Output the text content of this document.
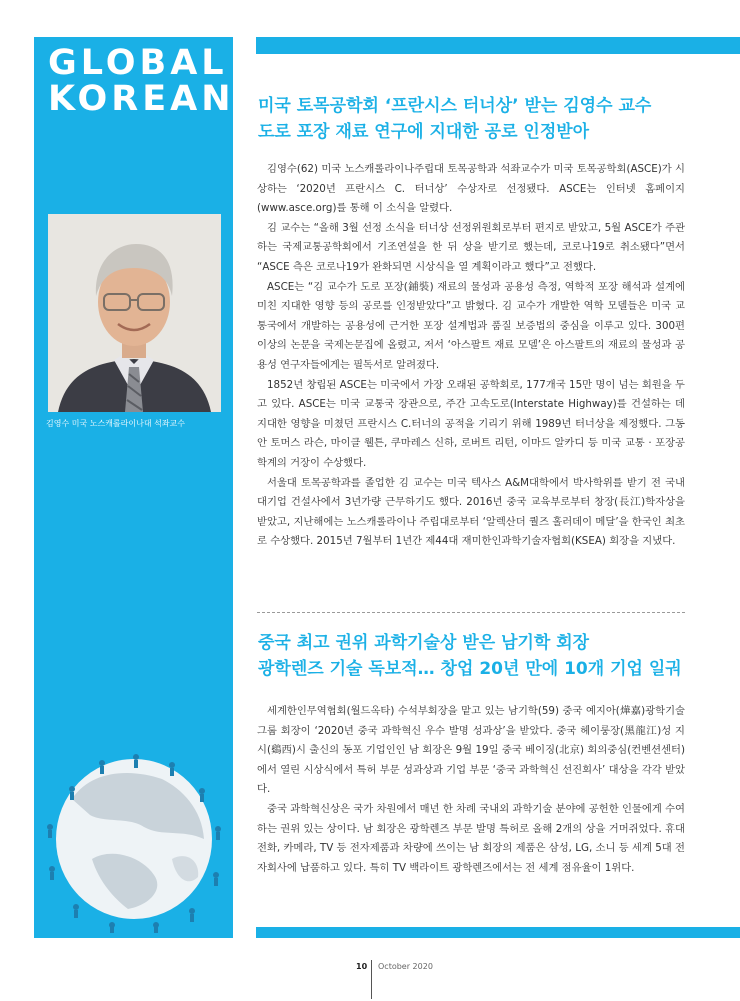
GLOBAL
KOREAN
김영수 미국 노스캐롤라이나대 석좌교수
미국 토목공학회 ‘프란시스 터너상’ 받는 김영수 교수
도로 포장 재료 연구에 지대한 공로 인정받아

김영수(62) 미국 노스캐롤라이나주립대 토목공학과 석좌교수가 미국 토목공학회(ASCE)가 시상하는 ‘2020년 프란시스 C. 터너상’ 수상자로 선정됐다. ASCE는 인터넷 홈페이지(www.asce.org)를 통해 이 소식을 알렸다.

김 교수는 “올해 3월 선정 소식을 터너상 선정위원회로부터 편지로 받았고, 5월 ASCE가 주관하는 국제교통공학회에서 기조연설을 한 뒤 상을 받기로 했는데, 코로나19로 취소됐다”면서 “ASCE 측은 코로나19가 완화되면 시상식을 열 계획이라고 했다”고 전했다.

ASCE는 “김 교수가 도로 포장(鋪裝) 재료의 물성과 공용성 측정, 역학적 포장 해석과 설계에 미친 지대한 영향 등의 공로를 인정받았다”고 밝혔다. 김 교수가 개발한 역학 모델들은 미국 교통국에서 개발하는 공용성에 근거한 포장 설계법과 품질 보증법의 중심을 이루고 있다. 300편 이상의 논문을 국제논문집에 올렸고, 저서 ‘아스팔트 재료 모델’은 아스팔트의 재료의 물성과 공용성 연구자들에게는 필독서로 알려졌다.

1852년 창립된 ASCE는 미국에서 가장 오래된 공학회로, 177개국 15만 명이 넘는 회원을 두고 있다. ASCE는 미국 교통국 장관으로, 주간 고속도로(Interstate Highway)를 건설하는 데 지대한 영향을 미쳤던 프란시스 C.터너의 공적을 기리기 위해 1989년 터너상을 제정했다. 그동안 토머스 라슨, 마이클 웰튼, 쿠마레스 신하, 로버트 리턴, 이마드 알카디 등 미국 교통 · 포장공학계의 거장이 수상했다.

서울대 토목공학과를 졸업한 김 교수는 미국 텍사스 A&M대학에서 박사학위를 받기 전 국내 대기업 건설사에서 3년가량 근무하기도 했다. 2016년 중국 교육부로부터 창장(長江)학자상을 받았고, 지난해에는 노스캐롤라이나 주립대로부터 ‘알렉산더 퀄즈 홀러데이 메달’을 한국인 최초로 수상했다. 2015년 7월부터 1년간 제44대 재미한인과학기술자협회(KSEA) 회장을 지냈다.

중국 최고 권위 과학기술상 받은 남기학 회장
광학렌즈 기술 독보적… 창업 20년 만에 10개 기업 일궈

세계한인무역협회(월드옥타) 수석부회장을 맡고 있는 남기학(59) 중국 예지아(燁嘉)광학기술그룹 회장이 ‘2020년 중국 과학혁신 우수 발명 성과상’을 받았다. 중국 헤이룽장(黑龍江)성 지시(鷄西)시 출신의 동포 기업인인 남 회장은 9월 19일 중국 베이징(北京) 회의중심(컨벤션센터)에서 열린 시상식에서 특허 부문 성과상과 기업 부문 ‘중국 과학혁신 선진회사’ 대상을 각각 받았다.

중국 과학혁신상은 국가 차원에서 매년 한 차례 국내외 과학기술 분야에 공헌한 인물에게 수여하는 권위 있는 상이다. 남 회장은 광학렌즈 부문 발명 특허로 올해 2개의 상을 거머쥐었다. 휴대전화, 카메라, TV 등 전자제품과 차량에 쓰이는 남 회장의 제품은 삼성, LG, 소니 등 세계 5대 전자회사에 납품하고 있다. 특히 TV 백라이트 광학렌즈에서는 전 세계 점유율이 1위다.

10 October 2020
